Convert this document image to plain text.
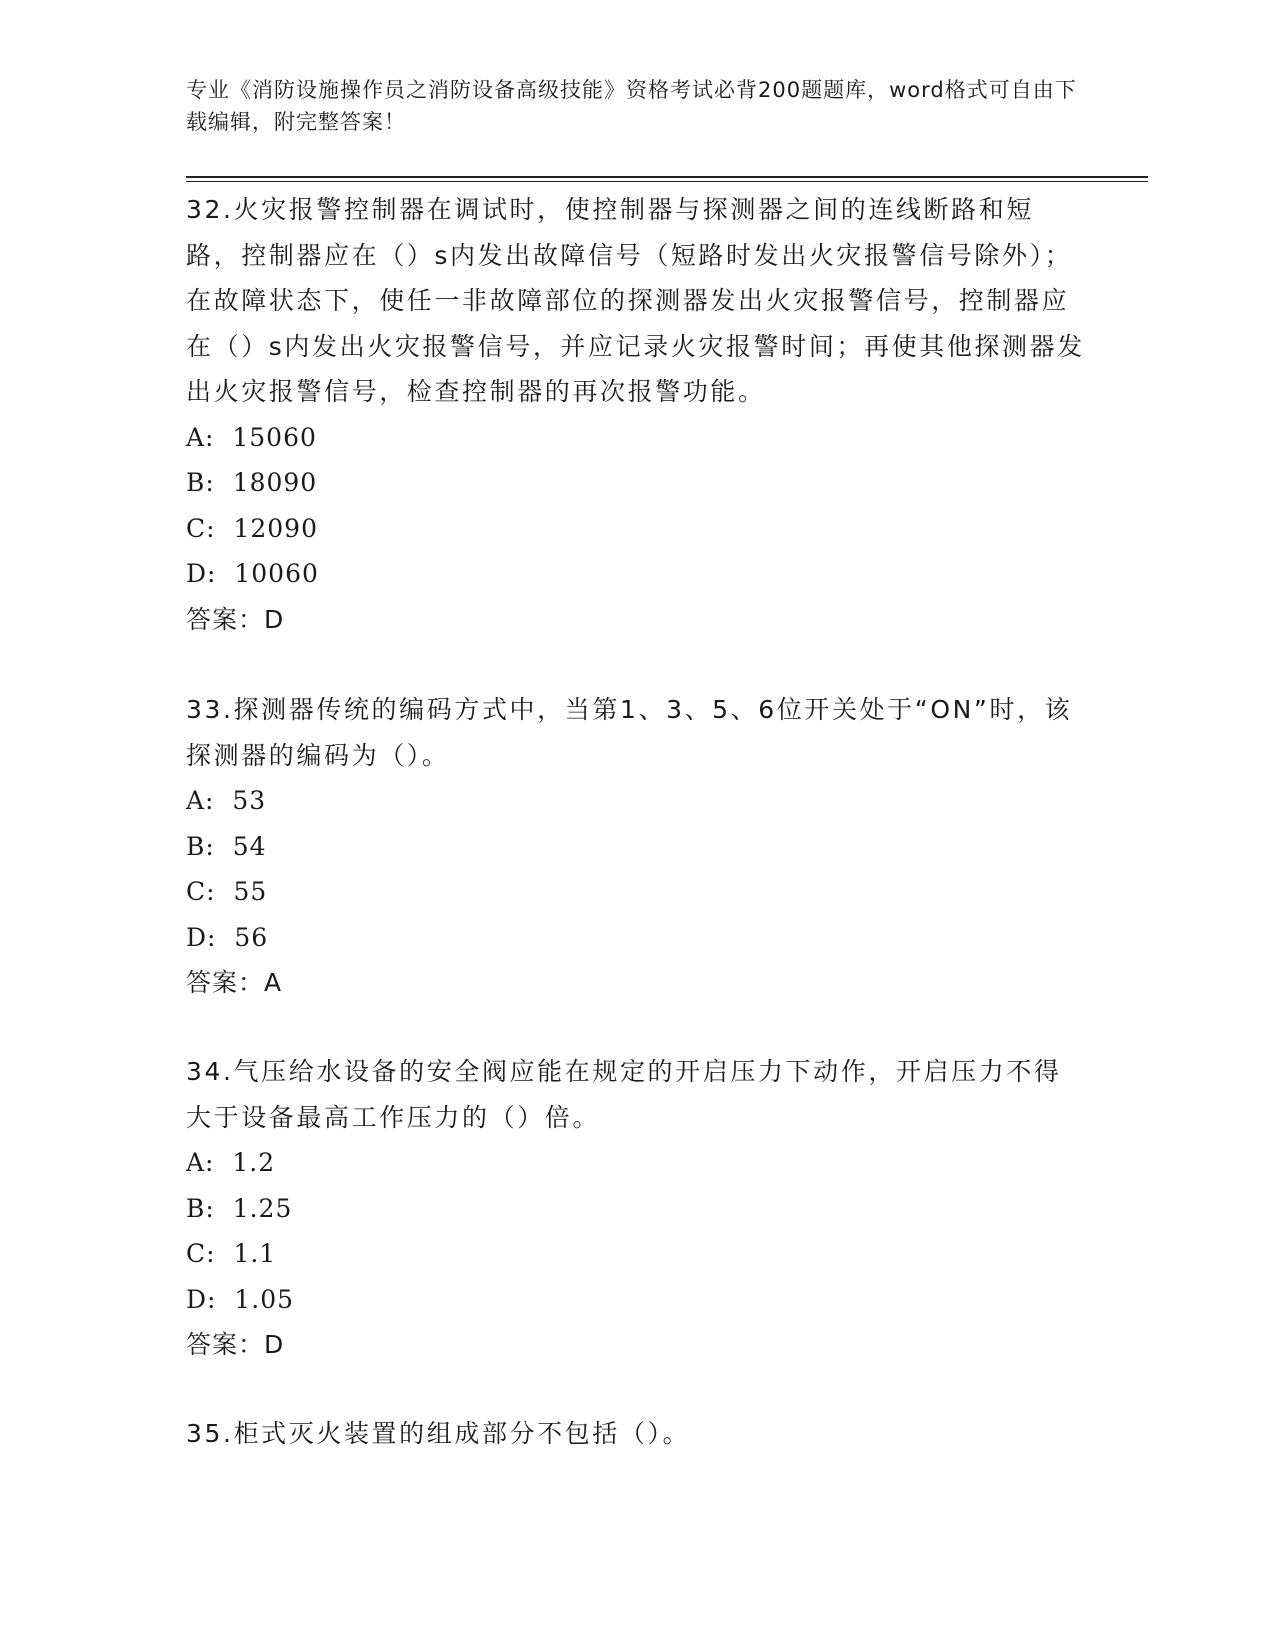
专业《消防设施操作员之消防设备高级技能》资格考试必背200题题库，word格式可自由下载编辑，附完整答案！

32.火灾报警控制器在调试时，使控制器与探测器之间的连线断路和短路，控制器应在（）s内发出故障信号（短路时发出火灾报警信号除外）；在故障状态下，使任一非故障部位的探测器发出火灾报警信号，控制器应在（）s内发出火灾报警信号，并应记录火灾报警时间；再使其他探测器发出火灾报警信号，检查控制器的再次报警功能。

A:  15060
B:  18090
C:  12090
D:  10060
答案：D

33.探测器传统的编码方式中，当第1、3、5、6位开关处于“ON”时，该探测器的编码为（）。

A:  53
B:  54
C:  55
D:  56
答案：A

34.气压给水设备的安全阀应能在规定的开启压力下动作，开启压力不得大于设备最高工作压力的（）倍。

A:  1.2
B:  1.25
C:  1.1
D:  1.05
答案：D

35.柜式灭火装置的组成部分不包括（）。
